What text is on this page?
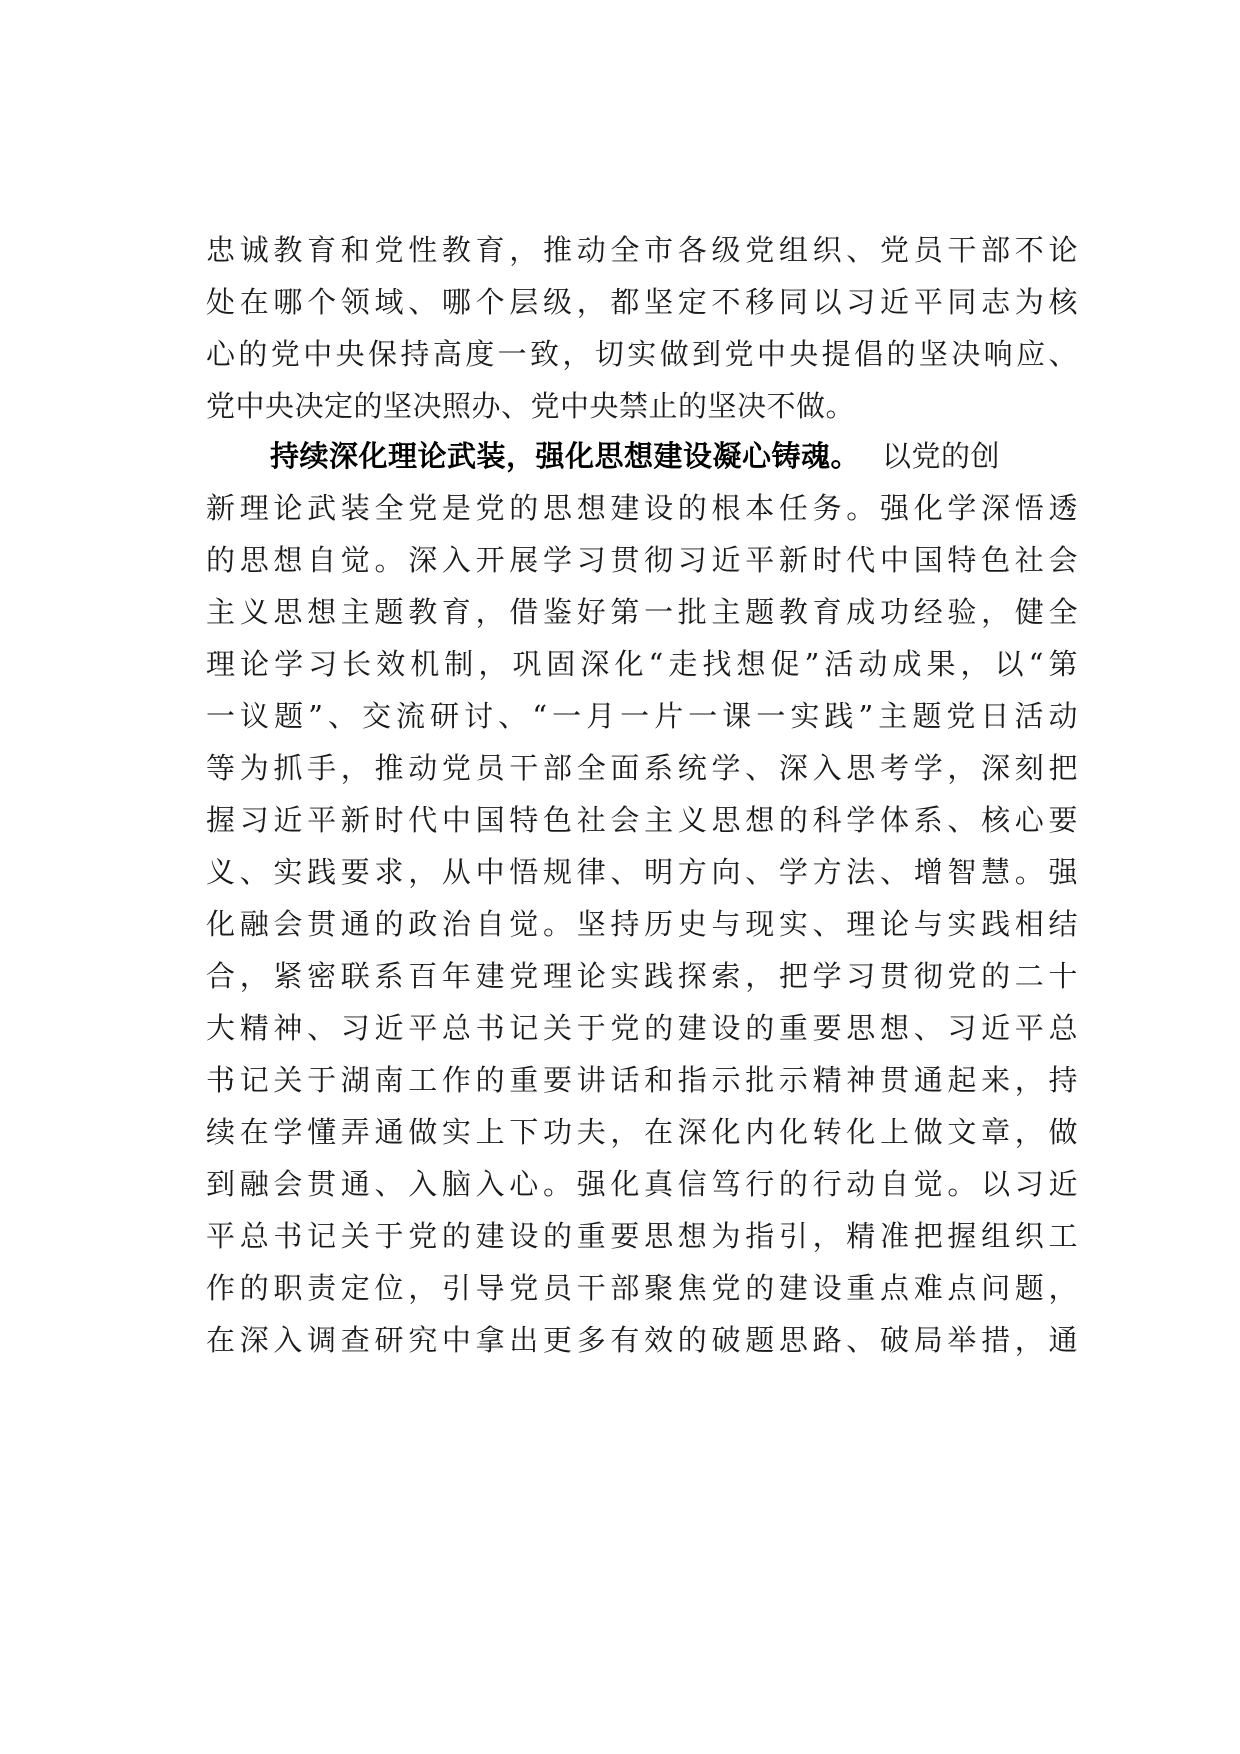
忠诚教育和党性教育，推动全市各级党组织、党员干部不论
处在哪个领域、哪个层级，都坚定不移同以习近平同志为核
心的党中央保持高度一致，切实做到党中央提倡的坚决响应、
党中央决定的坚决照办、党中央禁止的坚决不做。
持续深化理论武装，强化思想建设凝心铸魂。 以党的创
新理论武装全党是党的思想建设的根本任务。强化学深悟透
的思想自觉。深入开展学习贯彻习近平新时代中国特色社会
主义思想主题教育，借鉴好第一批主题教育成功经验，健全
理论学习长效机制，巩固深化“走找想促”活动成果，以“第
一议题”、交流研讨、“一月一片一课一实践”主题党日活动
等为抓手，推动党员干部全面系统学、深入思考学，深刻把
握习近平新时代中国特色社会主义思想的科学体系、核心要
义、实践要求，从中悟规律、明方向、学方法、增智慧。强
化融会贯通的政治自觉。坚持历史与现实、理论与实践相结
合，紧密联系百年建党理论实践探索，把学习贯彻党的二十
大精神、习近平总书记关于党的建设的重要思想、习近平总
书记关于湖南工作的重要讲话和指示批示精神贯通起来，持
续在学懂弄通做实上下功夫，在深化内化转化上做文章，做
到融会贯通、入脑入心。强化真信笃行的行动自觉。以习近
平总书记关于党的建设的重要思想为指引，精准把握组织工
作的职责定位，引导党员干部聚焦党的建设重点难点问题，
在深入调查研究中拿出更多有效的破题思路、破局举措，通
